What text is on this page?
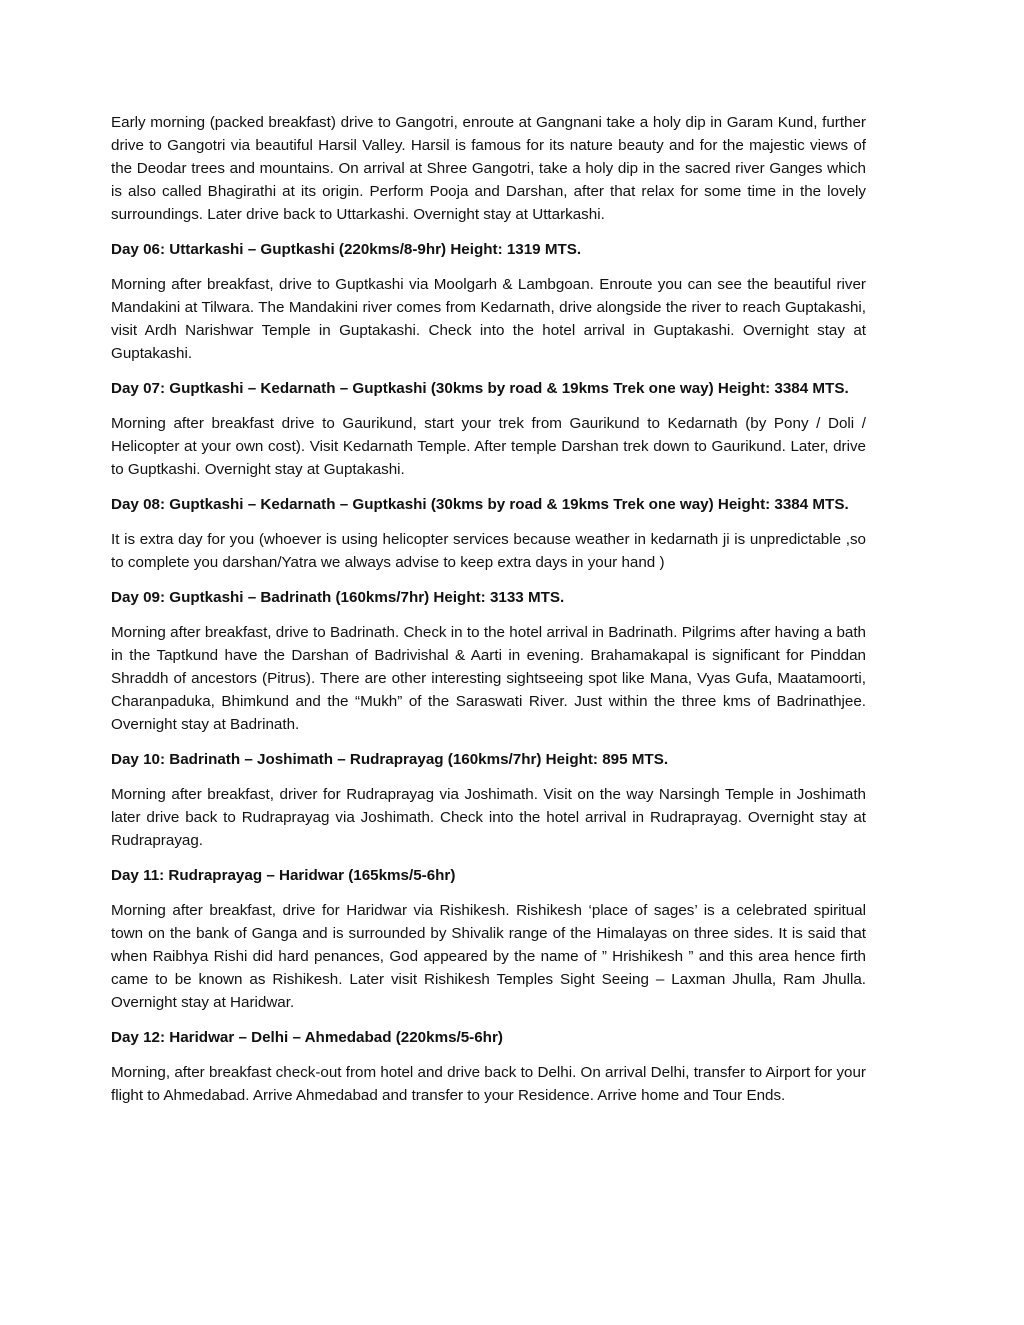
Early morning (packed breakfast) drive to Gangotri, enroute at Gangnani take a holy dip in Garam Kund, further drive to Gangotri via beautiful Harsil Valley. Harsil is famous for its nature beauty and for the majestic views of the Deodar trees and mountains. On arrival at Shree Gangotri, take a holy dip in the sacred river Ganges which is also called Bhagirathi at its origin. Perform Pooja and Darshan, after that relax for some time in the lovely surroundings. Later drive back to Uttarkashi. Overnight stay at Uttarkashi.

Day 06: Uttarkashi – Guptkashi (220kms/8-9hr) Height: 1319 MTS.

Morning after breakfast, drive to Guptkashi via Moolgarh & Lambgoan. Enroute you can see the beautiful river Mandakini at Tilwara. The Mandakini river comes from Kedarnath, drive alongside the river to reach Guptakashi, visit Ardh Narishwar Temple in Guptakashi. Check into the hotel arrival in Guptakashi. Overnight stay at Guptakashi.

Day 07: Guptkashi – Kedarnath – Guptkashi (30kms by road & 19kms Trek one way) Height: 3384 MTS.

Morning after breakfast drive to Gaurikund, start your trek from Gaurikund to Kedarnath (by Pony / Doli / Helicopter at your own cost). Visit Kedarnath Temple. After temple Darshan trek down to Gaurikund. Later, drive to Guptkashi. Overnight stay at Guptakashi.

Day 08: Guptkashi – Kedarnath – Guptkashi (30kms by road & 19kms Trek one way) Height: 3384 MTS.

It is extra day for you (whoever is using helicopter services because weather in kedarnath ji is unpredictable ,so to complete you darshan/Yatra we always advise to keep extra days in your hand )

Day 09: Guptkashi – Badrinath (160kms/7hr) Height: 3133 MTS.

Morning after breakfast, drive to Badrinath. Check in to the hotel arrival in Badrinath. Pilgrims after having a bath in the Taptkund have the Darshan of Badrivishal & Aarti in evening. Brahamakapal is significant for Pinddan Shraddh of ancestors (Pitrus). There are other interesting sightseeing spot like Mana, Vyas Gufa, Maatamoorti, Charanpaduka, Bhimkund and the “Mukh” of the Saraswati River. Just within the three kms of Badrinathjee. Overnight stay at Badrinath.

Day 10: Badrinath – Joshimath – Rudraprayag (160kms/7hr) Height: 895 MTS.

Morning after breakfast, driver for Rudraprayag via Joshimath. Visit on the way Narsingh Temple in Joshimath later drive back to Rudraprayag via Joshimath. Check into the hotel arrival in Rudraprayag. Overnight stay at Rudraprayag.

Day 11: Rudraprayag – Haridwar (165kms/5-6hr)

Morning after breakfast, drive for Haridwar via Rishikesh. Rishikesh ‘place of sages’ is a celebrated spiritual town on the bank of Ganga and is surrounded by Shivalik range of the Himalayas on three sides. It is said that when Raibhya Rishi did hard penances, God appeared by the name of ” Hrishikesh ” and this area hence firth came to be known as Rishikesh. Later visit Rishikesh Temples Sight Seeing – Laxman Jhulla, Ram Jhulla. Overnight stay at Haridwar.

Day 12: Haridwar – Delhi – Ahmedabad (220kms/5-6hr)

Morning, after breakfast check-out from hotel and drive back to Delhi. On arrival Delhi, transfer to Airport for your flight to Ahmedabad. Arrive Ahmedabad and transfer to your Residence. Arrive home and Tour Ends.
